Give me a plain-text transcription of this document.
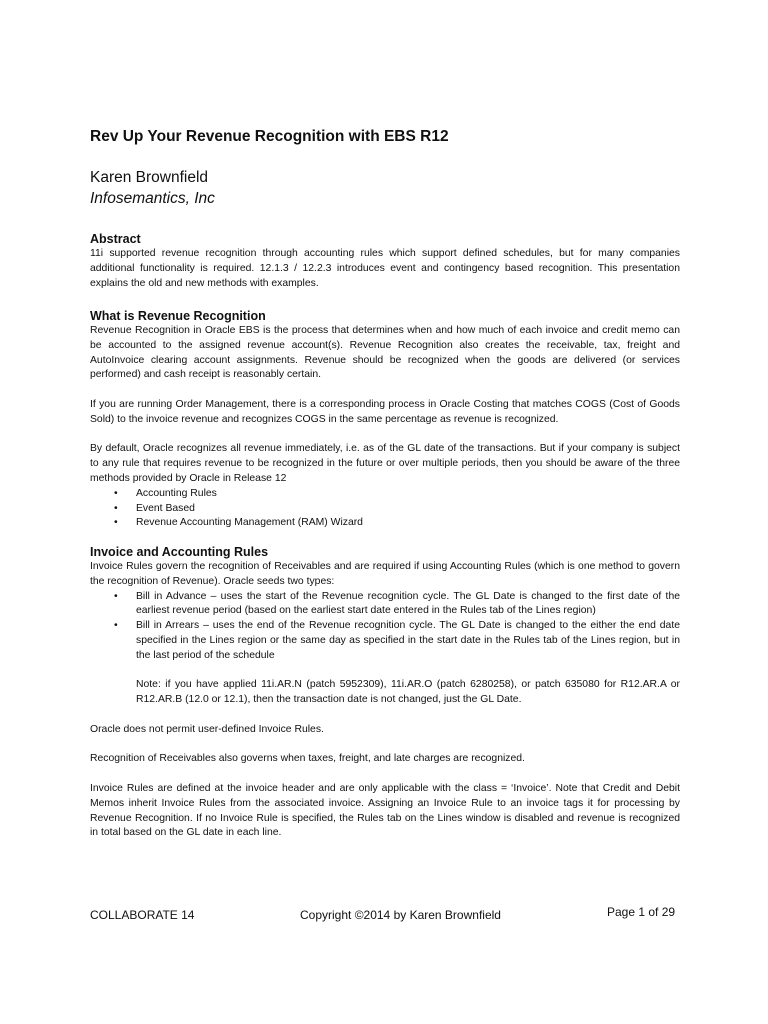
Rev Up Your Revenue Recognition with EBS R12
Karen Brownfield
Infosemantics, Inc
Abstract

11i supported revenue recognition through accounting rules which support defined schedules, but for many companies additional functionality is required. 12.1.3 / 12.2.3 introduces event and contingency based recognition. This presentation explains the old and new methods with examples.

What is Revenue Recognition

Revenue Recognition in Oracle EBS is the process that determines when and how much of each invoice and credit memo can be accounted to the assigned revenue account(s). Revenue Recognition also creates the receivable, tax, freight and AutoInvoice clearing account assignments. Revenue should be recognized when the goods are delivered (or services performed) and cash receipt is reasonably certain.

If you are running Order Management, there is a corresponding process in Oracle Costing that matches COGS (Cost of Goods Sold) to the invoice revenue and recognizes COGS in the same percentage as revenue is recognized.

By default, Oracle recognizes all revenue immediately, i.e. as of the GL date of the transactions. But if your company is subject to any rule that requires revenue to be recognized in the future or over multiple periods, then you should be aware of the three methods provided by Oracle in Release 12

• Accounting Rules
• Event Based
• Revenue Accounting Management (RAM) Wizard
Invoice and Accounting Rules

Invoice Rules govern the recognition of Receivables and are required if using Accounting Rules (which is one method to govern the recognition of Revenue). Oracle seeds two types:

• Bill in Advance – uses the start of the Revenue recognition cycle. The GL Date is changed to the first date of the earliest revenue period (based on the earliest start date entered in the Rules tab of the Lines region)
• Bill in Arrears – uses the end of the Revenue recognition cycle. The GL Date is changed to the either the end date specified in the Lines region or the same day as specified in the start date in the Rules tab of the Lines region, but in the last period of the schedule

Note: if you have applied 11i.AR.N (patch 5952309), 11i.AR.O (patch 6280258), or patch 635080 for R12.AR.A or R12.AR.B (12.0 or 12.1), then the transaction date is not changed, just the GL Date.

Oracle does not permit user-defined Invoice Rules.

Recognition of Receivables also governs when taxes, freight, and late charges are recognized.

Invoice Rules are defined at the invoice header and are only applicable with the class = ‘Invoice’. Note that Credit and Debit Memos inherit Invoice Rules from the associated invoice. Assigning an Invoice Rule to an invoice tags it for processing by Revenue Recognition. If no Invoice Rule is specified, the Rules tab on the Lines window is disabled and revenue is recognized in total based on the GL date in each line.

COLLABORATE 14	Copyright ©2014 by Karen Brownfield	Page 1 of 29
